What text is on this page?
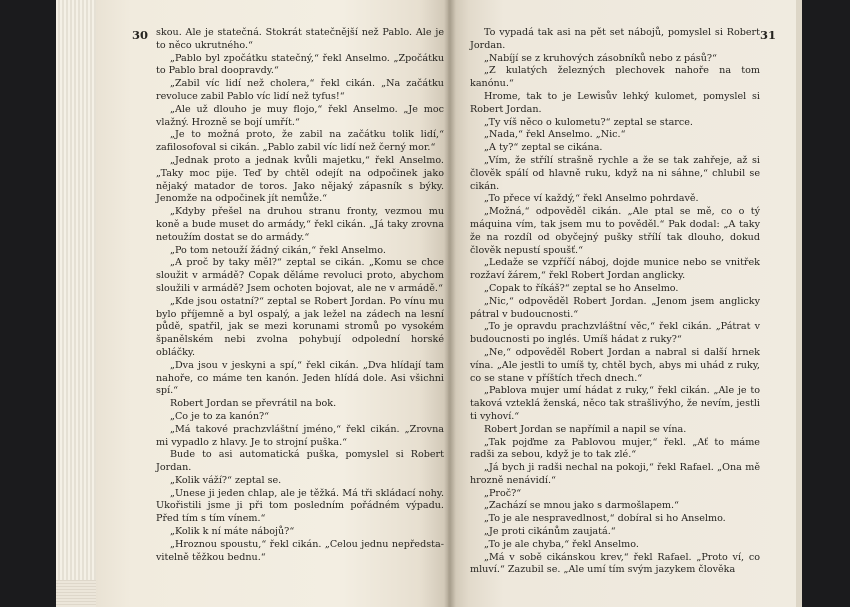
30 skou. Ale je statečná. Stokrát statečnější než Pablo. Ale je to něco ukrutného.“

„Pablo byl zpočátku statečný,“ řekl Anselmo. „Zpočátku to Pablo bral doopravdy.“

„Zabil víc lidí než cholera,“ řekl cikán. „Na začátku revoluce zabil Pablo víc lidí než tyfus!“

„Ale už dlouho je muy flojo,“ řekl Anselmo. „Je moc vlažný. Hrozně se bojí umřít.“

„Je to možná proto, že zabil na začátku tolik lidí,“ zafilosofoval si cikán. „Pablo zabil víc lidí než černý mor.“

„Jednak proto a jednak kvůli majetku,“ řekl Anselmo. „Taky moc pije. Teď by chtěl odejít na odpočinek jako nějaký matador de toros. Jako nějaký zápasník s býky. Jenomže na odpočinek jít nemůže.“

„Kdyby přešel na druhou stranu fronty, vezmou mu koně a bude muset do armády,“ řekl cikán. „Já taky zrovna netoužím dostat se do armády.“

„Po tom netouží žádný cikán,“ řekl Anselmo.

„A proč by taky měl?“ zeptal se cikán. „Komu se chce sloužit v armádě? Copak děláme revoluci proto, abychom sloužili v armádě? Jsem ochoten bojovat, ale ne v armádě.“

„Kde jsou ostatní?“ zeptal se Robert Jordan. Po vínu mu bylo příjemně a byl ospalý, a jak ležel na zádech na lesní půdě, spatřil, jak se mezi korunami stromů po vysokém španělském nebi zvolna pohybují odpolední horské obláčky.

„Dva jsou v jeskyni a spí,“ řekl cikán. „Dva hlídají tam nahoře, co máme ten kanón. Jeden hlídá dole. Asi všichni spí.“

Robert Jordan se převrátil na bok.

„Co je to za kanón?“

„Má takové prachzvláštní jméno,“ řekl cikán. „Zrovna mi vypadlo z hlavy. Je to strojní puška.“

Bude to asi automatická puška, pomyslel si Robert Jordan.

„Kolik váží?“ zeptal se.

„Unese ji jeden chlap, ale je těžká. Má tři skládací nohy. Ukořistili jsme ji při tom posledním pořádném výpadu. Před tím s tím vínem.“

„Kolik k ní máte nábojů?“

„Hroznou spoustu,“ řekl cikán. „Celou jednu nepředstavitelně těžkou bednu.“

31

To vypadá tak asi na pět set nábojů, pomyslel si Robert Jordan.

„Nabíjí se z kruhových zásobníků nebo z pásů?“

„Z kulatých železných plechovek nahoře na tom kanónu.“

Hrome, tak to je Lewisův lehký kulomet, pomyslel si Robert Jordan.

„Ty víš něco o kulometu?“ zeptal se starce.

„Nada,“ řekl Anselmo. „Nic.“

„A ty?“ zeptal se cikána.

„Vím, že střílí strašně rychle a že se tak zahřeje, až si člověk spálí od hlavně ruku, když na ni sáhne,“ chlubil se cikán.

„To přece ví každý,“ řekl Anselmo pohrdavě.

„Možná,“ odpověděl cikán. „Ale ptal se mě, co o tý máquina vím, tak jsem mu to pověděl.“ Pak dodal: „A taky že na rozdíl od obyčejný pušky střílí tak dlouho, dokud člověk nepustí spoušť.“

„Ledaže se vzpříčí náboj, dojde munice nebo se vnitřek rozžaví žárem,“ řekl Robert Jordan anglicky.

„Copak to říkáš?“ zeptal se ho Anselmo.

„Nic,“ odpověděl Robert Jordan. „Jenom jsem anglicky pátral v budoucnosti.“

„To je opravdu prachzvláštní věc,“ řekl cikán. „Pátrat v budoucnosti po inglés. Umíš hádat z ruky?“

„Ne,“ odpověděl Robert Jordan a nabral si další hrnek vína. „Ale jestli to umíš ty, chtěl bych, abys mi uhád z ruky, co se stane v příštích třech dnech.“

„Pablova mujer umí hádat z ruky,“ řekl cikán. „Ale je to taková vzteklá ženská, něco tak strašlivýho, že nevím, jestli ti vyhoví.“

Robert Jordan se napřímil a napil se vína.

„Tak pojďme za Pablovou mujer,“ řekl. „Ať to máme radši za sebou, když je to tak zlé.“

„Já bych ji radši nechal na pokoji,“ řekl Rafael. „Ona mě hrozně nenávidí.“

„Proč?“

„Zachází se mnou jako s darmošlapem.“

„To je ale nespravedlnost,“ dobíral si ho Anselmo.

„Je proti cikánům zaujatá.“

„To je ale chyba,“ řekl Anselmo.

„Má v sobě cikánskou krev,“ řekl Rafael. „Proto ví, co mluví.“ Zazubil se. „Ale umí tím svým jazykem člověka
